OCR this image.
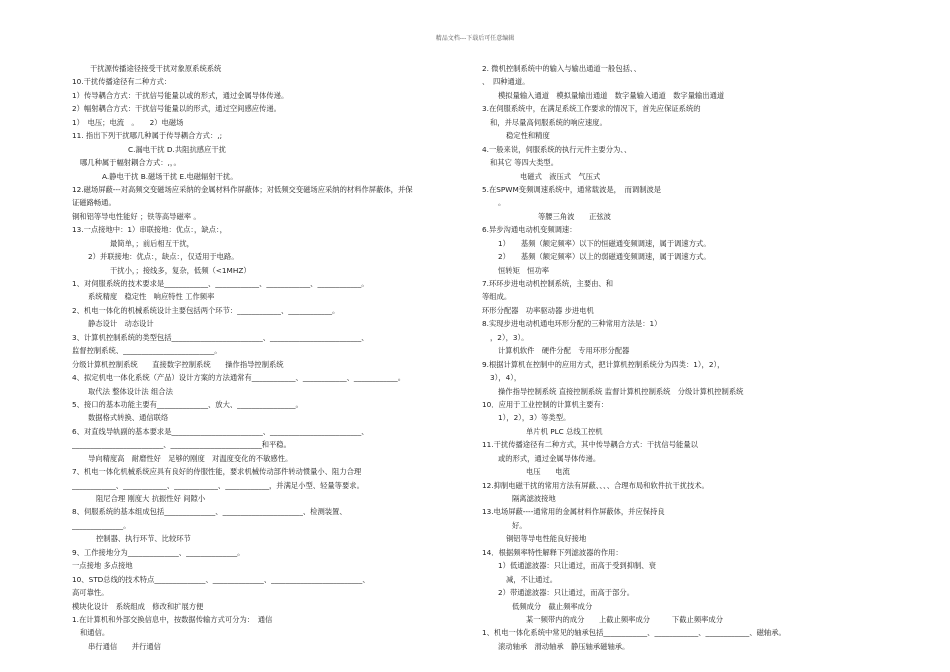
精品文档---下载后可任意编辑
干扰源传播途径接受干扰对象原系统系统
10.干扰传播途径有二种方式：
1）传导耦合方式：干扰信号能量以或的形式，通过金属导体传递。
2）幅射耦合方式：干扰信号能量以的形式，通过空间感应传递。
1）　电压；电流　。　　2）电磁场
11. 指出下列干扰哪几种属于传导耦合方式：,;
C.漏电干扰 D.共阻抗感应干扰
哪几种属于幅射耦合方式：,，。
A.静电干扰 B.磁场干扰 E.电磁辐射干扰。
12.磁场屏蔽---对高频交变磁场应采纳的金属材料作屏蔽体；对低频交变磁场应采纳的材料作屏蔽体，并保
证磁路畅通。
铜和铝等导电性能好 ；铁等高导磁率 。
13.一点接地中：1）串联接地：优点：，缺点：，
最简单，；前后相互干扰，
2）并联接地：优点：，缺点：，仅适用于电路。
干扰小，；接线多，复杂，低频（<1MHZ）
1、对伺服系统的技术要求是____________、____________、____________、____________。
系统精度　稳定性　响应特性 工作频率
2、机电一体化的机械系统设计主要包括两个环节：____________、____________。
静态设计　动态设计
3、计算机控制系统的类型包括_________________________、_________________________、
监督控制系统、_________________________。
分级计算机控制系统　　直接数字控制系统　　操作指导控制系统
4、拟定机电一体化系统（产品）设计方案的方法通常有____________、____________、____________。
取代法 整体设计法 组合法
5、接口的基本功能主要有______________、放大、________________。
数据格式转换、通信联络
6、对直线导轨副的基本要求是_________________________、_________________________、
_________________________、_________________________和平稳。
导向精度高　耐磨性好　足够的刚度　对温度变化的不敏感性。
7、机电一体化机械系统应具有良好的侍服性能，要求机械传动部件转动惯量小、阻力合理
____________、____________、____________、____________，并满足小型、轻量等要求。
阻尼合理 刚度大 抗振性好 间隙小
8、伺服系统的基本组成包括______________、______________________、检测装置、
______________。
控制器、执行环节、比较环节
9、工作接地分为______________、______________。
一点接地 多点接地
10、STD总线的技术特点______________、______________、_________________________、
高可靠性。
模块化设计　系统组成　修改和扩展方便
1.在计算机和外部交换信息中，按数据传输方式可分为：　通信
和通信。
串行通信　　并行通信
2. 微机控制系统中的输入与输出通道一般包括、、
、　四种通道。
模拟量输入通道　模拟量输出通道　数字量输入通道　数字量输出通道
3.在伺服系统中，在满足系统工作要求的情况下，首先应保证系统的
和，并尽量高伺服系统的响应速度。
稳定性和精度
4.一般来说，伺服系统的执行元件主要分为、、
和其它 等四大类型。
电磁式　液压式　气压式
5.在SPWM变频调速系统中，通常载波是，　而调制波是
。
等腰三角波　　正弦波
6.异步沟通电动机变频调速：
1）　　基频（额定频率）以下的恒磁通变频调速，属于调速方式。
2）　　基频（额定频率）以上的弱磁通变频调速，属于调速方式。
恒转矩　恒功率
7.环环步进电动机控制系统，主要由、和
等组成。
环形分配器　功率驱动器 步进电机
8.实现步进电动机通电环形分配的三种常用方法是：1）
，2），3）。
计算机软件　硬件分配　专用环形分配器
9.根据计算机在控制中的应用方式，把计算机控制系统分为四类：1），2），
3），4），
操作指导控制系统 直接控制系统 监督计算机控制系统　分级计算机控制系统
10．应用于工业控制的计算机主要有：
1），2），3）等类型。
单片机 PLC 总线工控机
11.干扰传播途径有二种方式，其中传导耦合方式：干扰信号能量以
或的形式，通过金属导体传递。
电压　　电流
12.抑制电磁干扰的常用方法有屏蔽、、、、合理布局和软件抗干扰技术。
隔离滤波接地
13.电场屏蔽----通常用的金属材料作屏蔽体，并应保持良
好。
铜铝等导电性能良好接地
14．根据频率特性解释下列滤波器的作用：
1）低通滤波器：只让通过，而高于受到抑制、衰
减，不让通过。
2）带通滤波器：只让通过，而高于部分。
低频成分　截止频率成分
某一频带内的成分　　上截止频率成分　　　下截止频率成分
1、机电一体化系统中常见的轴承包括____________、____________、____________、磁轴承。
滚动轴承　滑动轴承　静压轴承磁轴承。
